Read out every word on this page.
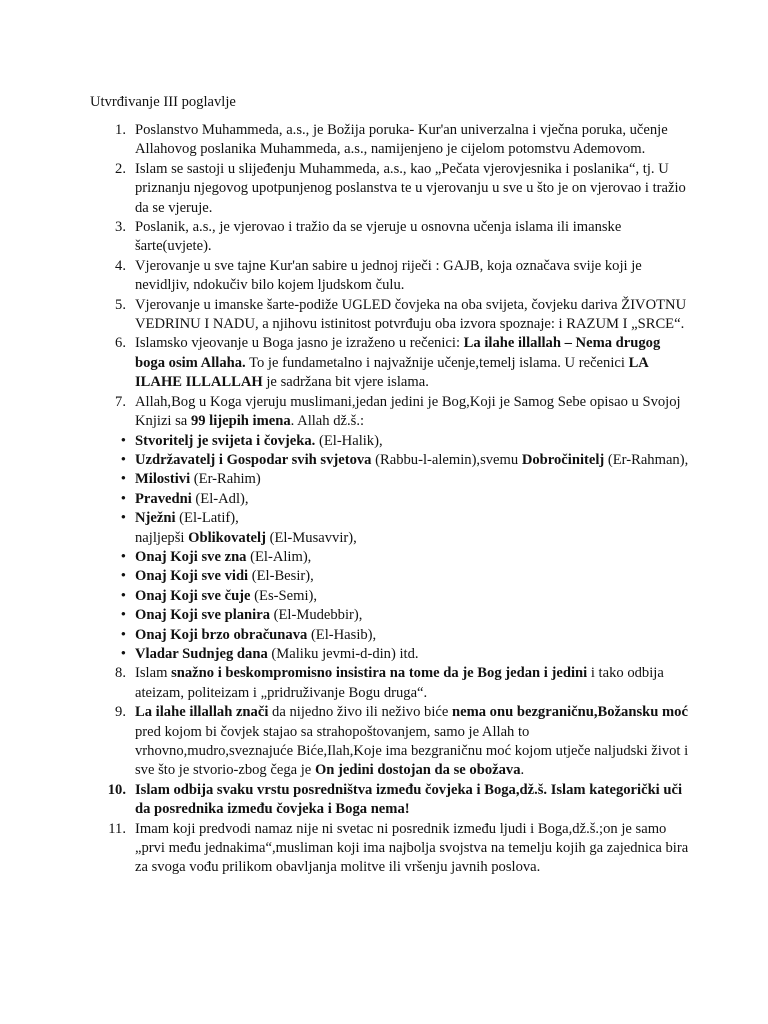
Utvrđivanje III poglavlje
1. Poslanstvo Muhammeda, a.s., je Božija poruka- Kur'an univerzalna i vječna poruka, učenje Allahovog poslanika Muhammeda, a.s., namijenjeno je cijelom potomstvu Ademovom.
2. Islam se sastoji u slijeđenju Muhammeda, a.s., kao „Pečata vjerovjesnika i poslanika“, tj. U priznanju njegovog upotpunjenog poslanstva te u vjerovanju u sve u što je on vjerovao i tražio da se vjeruje.
3. Poslanik, a.s., je vjerovao i tražio da se vjeruje u osnovna učenja islama ili imanske šarte(uvjete).
4. Vjerovanje u sve tajne Kur'an sabire u jednoj riječi : GAJB, koja označava svije koji je nevidljiv, ndokučiv bilo kojem ljudskom čulu.
5. Vjerovanje u imanske šarte-podiže UGLED čovjeka na oba svijeta, čovjeku dariva ŽIVOTNU VEDRINU I NADU, a njihovu istinitost potvrđuju oba izvora spoznaje: i RAZUM I „SRCE“.
6. Islamsko vjeovanje u Boga jasno je izraženo u rečenici: La ilahe illallah – Nema drugog boga osim Allaha. To je fundametalno i najvažnije učenje,temelj islama. U rečenici LA ILAHE ILLALLAH je sadržana bit vjere islama.
7. Allah,Bog u Koga vjeruju muslimani,jedan jedini je Bog,Koji je Samog Sebe opisao u Svojoj Knjizi sa 99 lijepih imena. Allah dž.š.:
• Stvoritelj je svijeta i čovjeka. (El-Halik),
• Uzdržavatelj i Gospodar svih svjetova (Rabbu-l-alemin),svemu Dobročinitelj (Er-Rahman),
• Milostivi (Er-Rahim)
• Pravedni (El-Adl),
• Nježni (El-Latif),
najljepši Oblikovatelj (El-Musavvir),
• Onaj Koji sve zna (El-Alim),
• Onaj Koji sve vidi (El-Besir),
• Onaj Koji sve čuje (Es-Semi),
• Onaj Koji sve planira (El-Mudebbir),
• Onaj Koji brzo obračunava (El-Hasib),
• Vladar Sudnjeg dana (Maliku jevmi-d-din) itd.
8. Islam snažno i beskompromisno insistira na tome da je Bog jedan i jedini i tako odbija ateizam, politeizam i „pridruživanje Bogu druga“.
9. La ilahe illallah znači da nijedno živo ili neživo biće nema onu bezgraničnu,Božansku moć pred kojom bi čovjek stajao sa strahopoštovanjem, samo je Allah to vrhovno,mudro,sveznajuće Biće,Ilah,Koje ima bezgraničnu moć kojom utječe naljudski život i sve što je stvorio-zbog čega je On jedini dostojan da se obožava.
10. Islam odbija svaku vrstu posredništva između čovjeka i Boga,dž.š. Islam kategorički uči da posrednika između čovjeka i Boga nema!
11. Imam koji predvodi namaz nije ni svetac ni posrednik između ljudi i Boga,dž.š.;on je samo „prvi među jednakima“,musliman koji ima najbolja svojstva na temelju kojih ga zajednica bira za svoga vođu prilikom obavljanja molitve ili vršenju javnih poslova.
